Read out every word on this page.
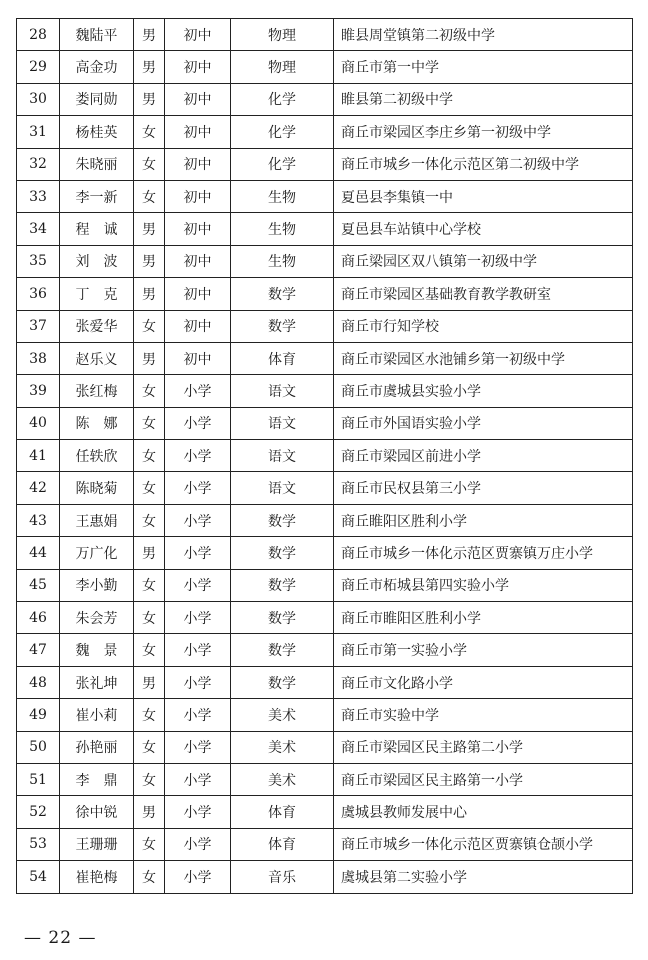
28	魏陆平	男	初中	物理	睢县周堂镇第二初级中学
29	高金功	男	初中	物理	商丘市第一中学
30	娄同勋	男	初中	化学	睢县第二初级中学
31	杨桂英	女	初中	化学	商丘市梁园区李庄乡第一初级中学
32	朱晓丽	女	初中	化学	商丘市城乡一体化示范区第二初级中学
33	李一新	女	初中	生物	夏邑县李集镇一中
34	程　诚	男	初中	生物	夏邑县车站镇中心学校
35	刘　波	男	初中	生物	商丘梁园区双八镇第一初级中学
36	丁　克	男	初中	数学	商丘市梁园区基础教育教学教研室
37	张爱华	女	初中	数学	商丘市行知学校
38	赵乐义	男	初中	体育	商丘市梁园区水池铺乡第一初级中学
39	张红梅	女	小学	语文	商丘市虞城县实验小学
40	陈　娜	女	小学	语文	商丘市外国语实验小学
41	任轶欣	女	小学	语文	商丘市梁园区前进小学
42	陈晓菊	女	小学	语文	商丘市民权县第三小学
43	王惠娟	女	小学	数学	商丘睢阳区胜利小学
44	万广化	男	小学	数学	商丘市城乡一体化示范区贾寨镇万庄小学
45	李小勤	女	小学	数学	商丘市柘城县第四实验小学
46	朱会芳	女	小学	数学	商丘市睢阳区胜利小学
47	魏　景	女	小学	数学	商丘市第一实验小学
48	张礼坤	男	小学	数学	商丘市文化路小学
49	崔小莉	女	小学	美术	商丘市实验中学
50	孙艳丽	女	小学	美术	商丘市梁园区民主路第二小学
51	李　鼎	女	小学	美术	商丘市梁园区民主路第一小学
52	徐中锐	男	小学	体育	虞城县教师发展中心
53	王珊珊	女	小学	体育	商丘市城乡一体化示范区贾寨镇仓颉小学
54	崔艳梅	女	小学	音乐	虞城县第二实验小学
— 22 —
